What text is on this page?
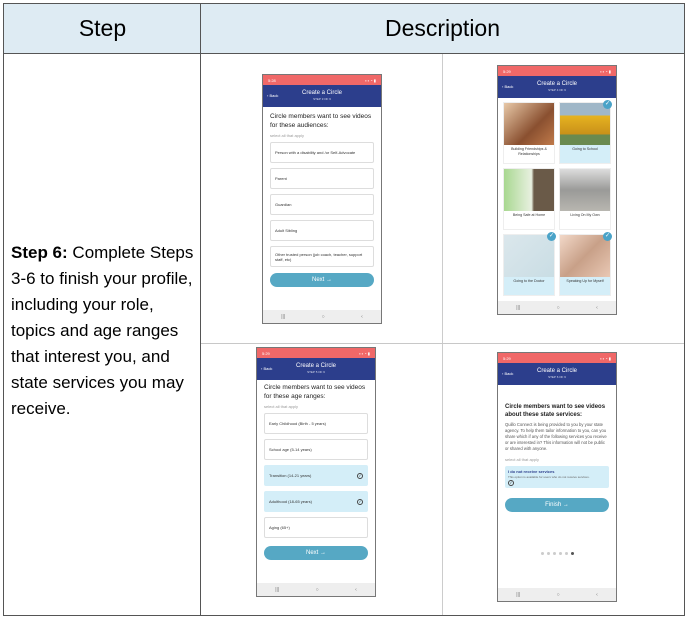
Step	Description
Step 6: Complete Steps 3-6 to finish your profile, including your role, topics and age ranges that interest you, and state services you may receive.
5:28	▪ ▪ ◔ ▮
‹ Back	Create a Circle
STEP 3 OF 6
Circle members want to see videos for these audiences:
select all that apply
Person with a disability and /or Self-Advocate
Parent
Guardian
Adult Sibling
Other trusted person (job coach, teacher, support staff, etc)
Next →
|||	○	‹
5:29	▪ ▪ ◔ ▮
‹ Back	Create a Circle
STEP 4 OF 6
Building Friendships & Relationships
Going to School
✓
Being Safe at Home	Living On My Own
Going to the Doctor
✓
Speaking Up for Myself
✓
|||	○	‹
5:29	▪ ▪ ◔ ▮
‹ Back	Create a Circle
STEP 5 OF 6
Circle members want to see videos for these age ranges:
select all that apply
Early Childhood (Birth - 5 years)
School age (5-14 years)
Transition (14-21 years)	✓
Adulthood (18-65 years)	✓
Aging (65+)
Next →
|||	○	‹
5:29	▪ ▪ ◔ ▮
‹ Back	Create a Circle
STEP 6 OF 6
Circle members want to see videos about these state services:
Quillo Connect is being provided to you by your state agency. To help them tailor information to you, can you share which if any of the following services you receive or are interested in? This information will not be public or shared with anyone.
select all that apply
I do not receive services
This option is available for users who do not receive services.
✓
Finish →
|||	○	‹
